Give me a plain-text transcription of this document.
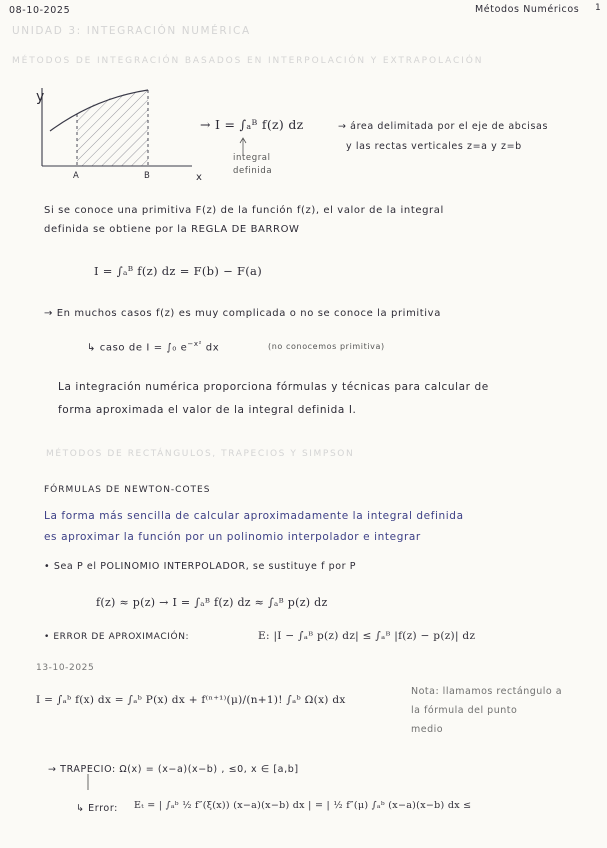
08-10-2025	Métodos Numéricos 1
UNIDAD 3: INTEGRACIÓN NUMÉRICA
MÉTODOS DE INTEGRACIÓN BASADOS EN INTERPOLACIÓN Y EXTRAPOLACIÓN
y
x
A	B
→ I = ∫ₐᴮ f(z) dz
integral definida
→ área delimitada por el eje de abcisas
y las rectas verticales z=a y z=b
Si se conoce una primitiva F(z) de la función f(z), el valor de la integral
definida se obtiene por la REGLA DE BARROW
I = ∫ₐᴮ f(z) dz = F(b) − F(a)
→ En muchos casos f(z) es muy complicada o no se conoce la primitiva
↳ caso de I = ∫₀ $e^{-x^2}$ dx	(no conocemos primitiva)
La integración numérica proporciona fórmulas y técnicas para calcular de
forma aproximada el valor de la integral definida I.
MÉTODOS DE RECTÁNGULOS, TRAPECIOS Y SIMPSON
FÓRMULAS DE NEWTON-COTES
La forma más sencilla de calcular aproximadamente la integral definida
es aproximar la función por un polinomio interpolador e integrar
• Sea P el POLINOMIO INTERPOLADOR, se sustituye f por P
f(z) ≈ p(z) → I = ∫ₐᴮ f(z) dz ≈ ∫ₐᴮ p(z) dz
• ERROR DE APROXIMACIÓN:	E: |I − ∫ₐᴮ p(z) dz| ≤ ∫ₐᴮ |f(z) − p(z)| dz
13-10-2025
I = ∫ₐᵇ f(x) dx = ∫ₐᵇ P(x) dx + f⁽ⁿ⁺¹⁾(μ)/(n+1)! ∫ₐᵇ Ω(x) dx
Nota: llamamos rectángulo a
la fórmula del punto
medio
→ TRAPECIO: Ω(x) = (x−a)(x−b) , ≤0, x ∈ [a,b]
↳ Error: Eₜ = | ∫ₐᵇ ½ f″(ξ(x)) (x−a)(x−b) dx | = | ½ f″(μ) ∫ₐᵇ (x−a)(x−b) dx ≤
